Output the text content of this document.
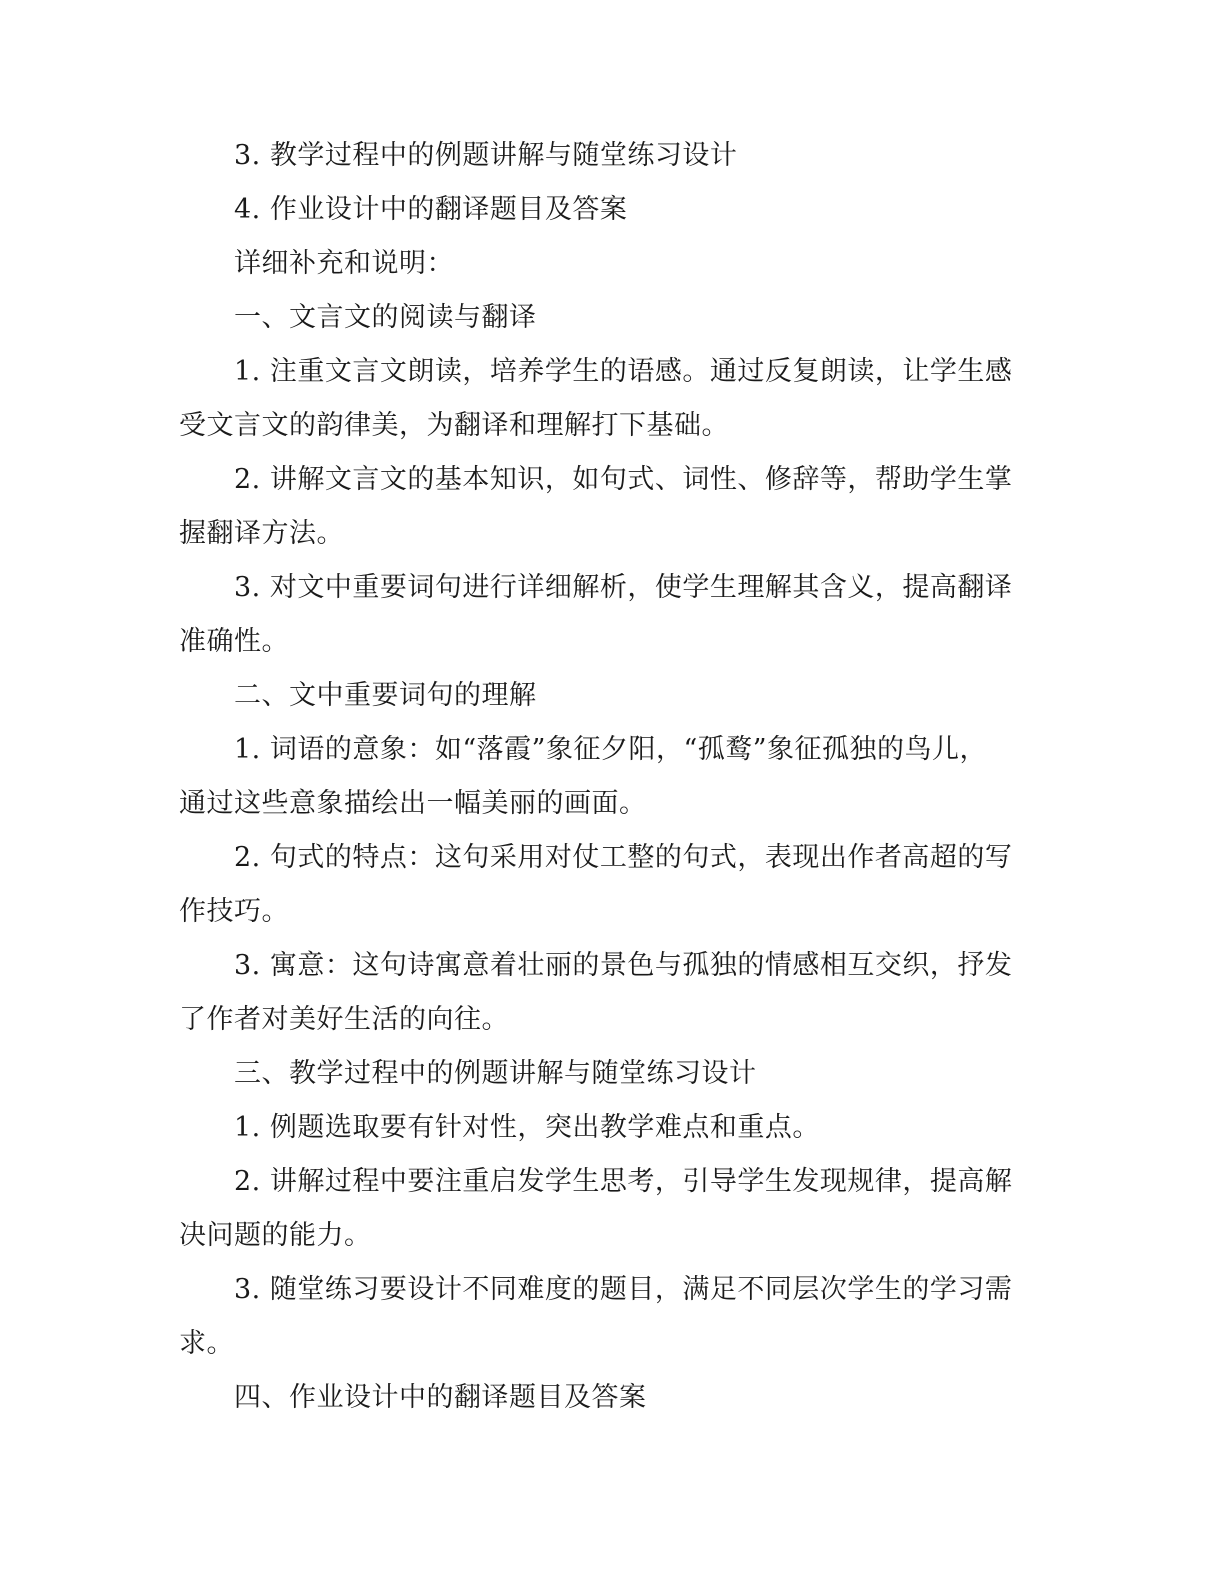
3. 教学过程中的例题讲解与随堂练习设计

4. 作业设计中的翻译题目及答案

详细补充和说明：

一、文言文的阅读与翻译

1. 注重文言文朗读，培养学生的语感。通过反复朗读，让学生感

受文言文的韵律美，为翻译和理解打下基础。

2. 讲解文言文的基本知识，如句式、词性、修辞等，帮助学生掌

握翻译方法。

3. 对文中重要词句进行详细解析，使学生理解其含义，提高翻译

准确性。

二、文中重要词句的理解

1. 词语的意象：如“落霞”象征夕阳，“孤鹜”象征孤独的鸟儿，

通过这些意象描绘出一幅美丽的画面。

2. 句式的特点：这句采用对仗工整的句式，表现出作者高超的写

作技巧。

3. 寓意：这句诗寓意着壮丽的景色与孤独的情感相互交织，抒发

了作者对美好生活的向往。

三、教学过程中的例题讲解与随堂练习设计

1. 例题选取要有针对性，突出教学难点和重点。

2. 讲解过程中要注重启发学生思考，引导学生发现规律，提高解

决问题的能力。

3. 随堂练习要设计不同难度的题目，满足不同层次学生的学习需

求。

四、作业设计中的翻译题目及答案
